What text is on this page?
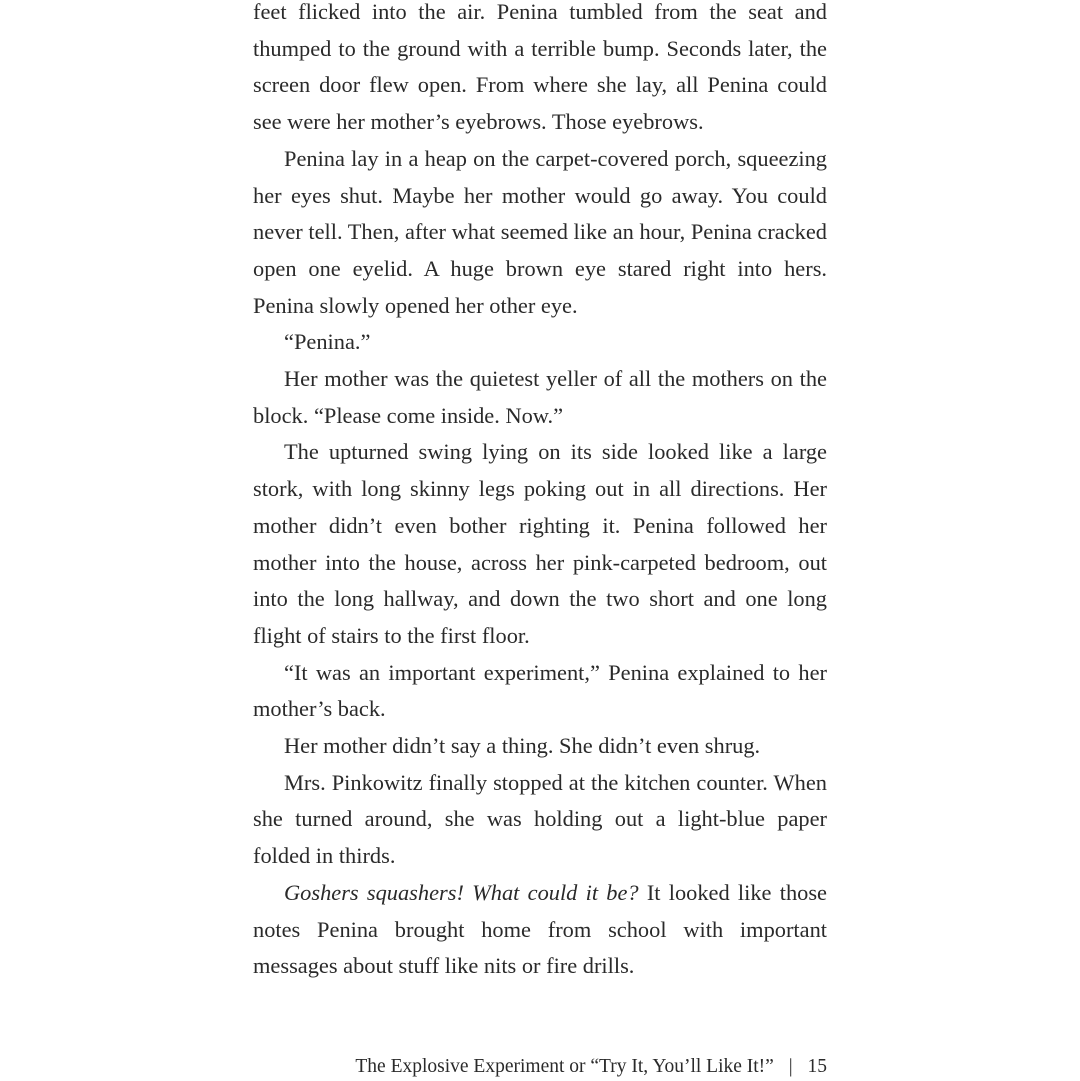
feet flicked into the air. Penina tumbled from the seat and thumped to the ground with a terrible bump. Seconds later, the screen door flew open. From where she lay, all Penina could see were her mother’s eyebrows. Those eyebrows.

Penina lay in a heap on the carpet-covered porch, squeezing her eyes shut. Maybe her mother would go away. You could never tell. Then, after what seemed like an hour, Penina cracked open one eyelid. A huge brown eye stared right into hers. Penina slowly opened her other eye.

“Penina.”

Her mother was the quietest yeller of all the mothers on the block. “Please come inside. Now.”

The upturned swing lying on its side looked like a large stork, with long skinny legs poking out in all directions. Her mother didn’t even bother righting it. Penina followed her mother into the house, across her pink-carpeted bedroom, out into the long hallway, and down the two short and one long flight of stairs to the first floor.

“It was an important experiment,” Penina explained to her mother’s back.

Her mother didn’t say a thing. She didn’t even shrug.

Mrs. Pinkowitz finally stopped at the kitchen counter. When she turned around, she was holding out a light-blue paper folded in thirds.

Goshers squashers! What could it be? It looked like those notes Penina brought home from school with important messages about stuff like nits or fire drills.

The Explosive Experiment or “Try It, You’ll Like It!” | 15
